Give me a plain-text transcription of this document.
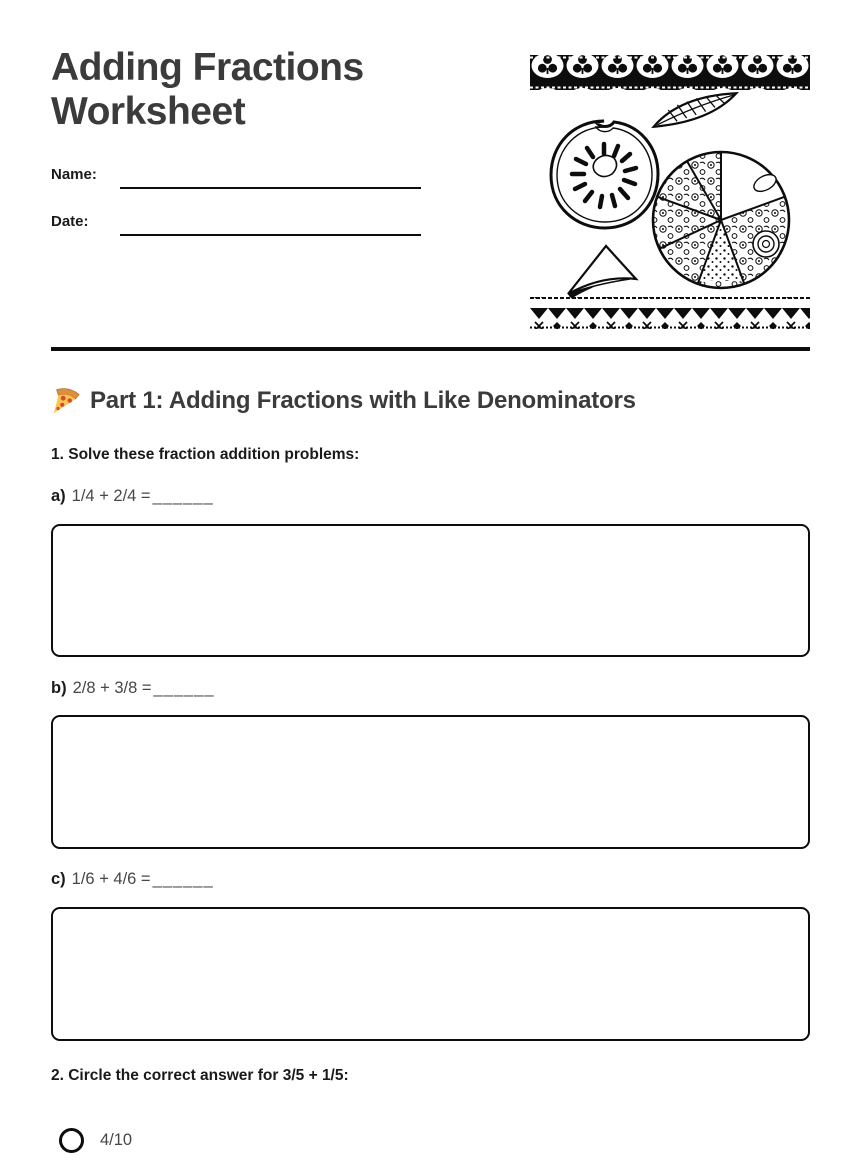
Adding Fractions Worksheet
Name:
Date:
Part 1: Adding Fractions with Like Denominators
1. Solve these fraction addition problems:
a) 1/4 + 2/4 = ______
b) 2/8 + 3/8 = ______
c) 1/6 + 4/6 = ______
2. Circle the correct answer for 3/5 + 1/5:
4/10
